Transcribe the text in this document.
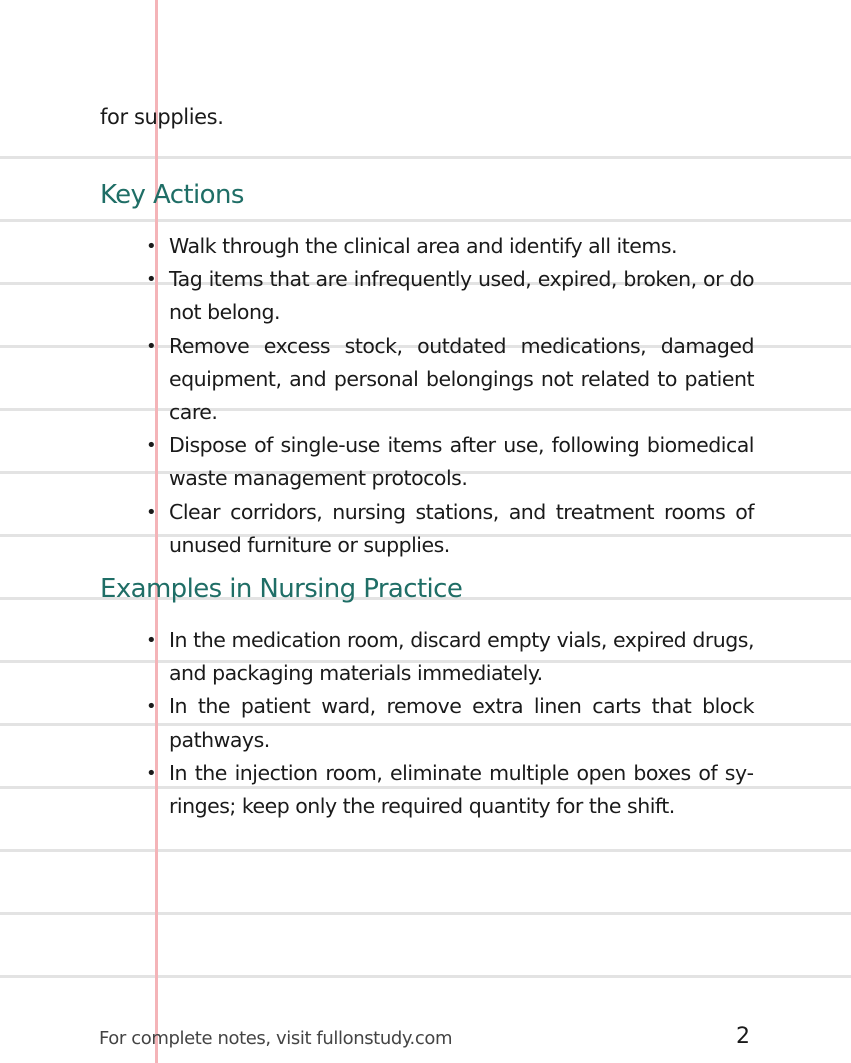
for supplies.
Key Actions
• Walk through the clinical area and identify all items.
• Tag items that are infrequently used, expired, broken, or do not belong.
• Remove excess stock, outdated medications, damaged equipment, and personal belongings not related to patient care.
• Dispose of single-use items after use, following biomedical waste management protocols.
• Clear corridors, nursing stations, and treatment rooms of unused furniture or supplies.
Examples in Nursing Practice
• In the medication room, discard empty vials, expired drugs, and packaging materials immediately.
• In the patient ward, remove extra linen carts that block pathways.
• In the injection room, eliminate multiple open boxes of syringes; keep only the required quantity for the shift.
For complete notes, visit fullonstudy.com	2
